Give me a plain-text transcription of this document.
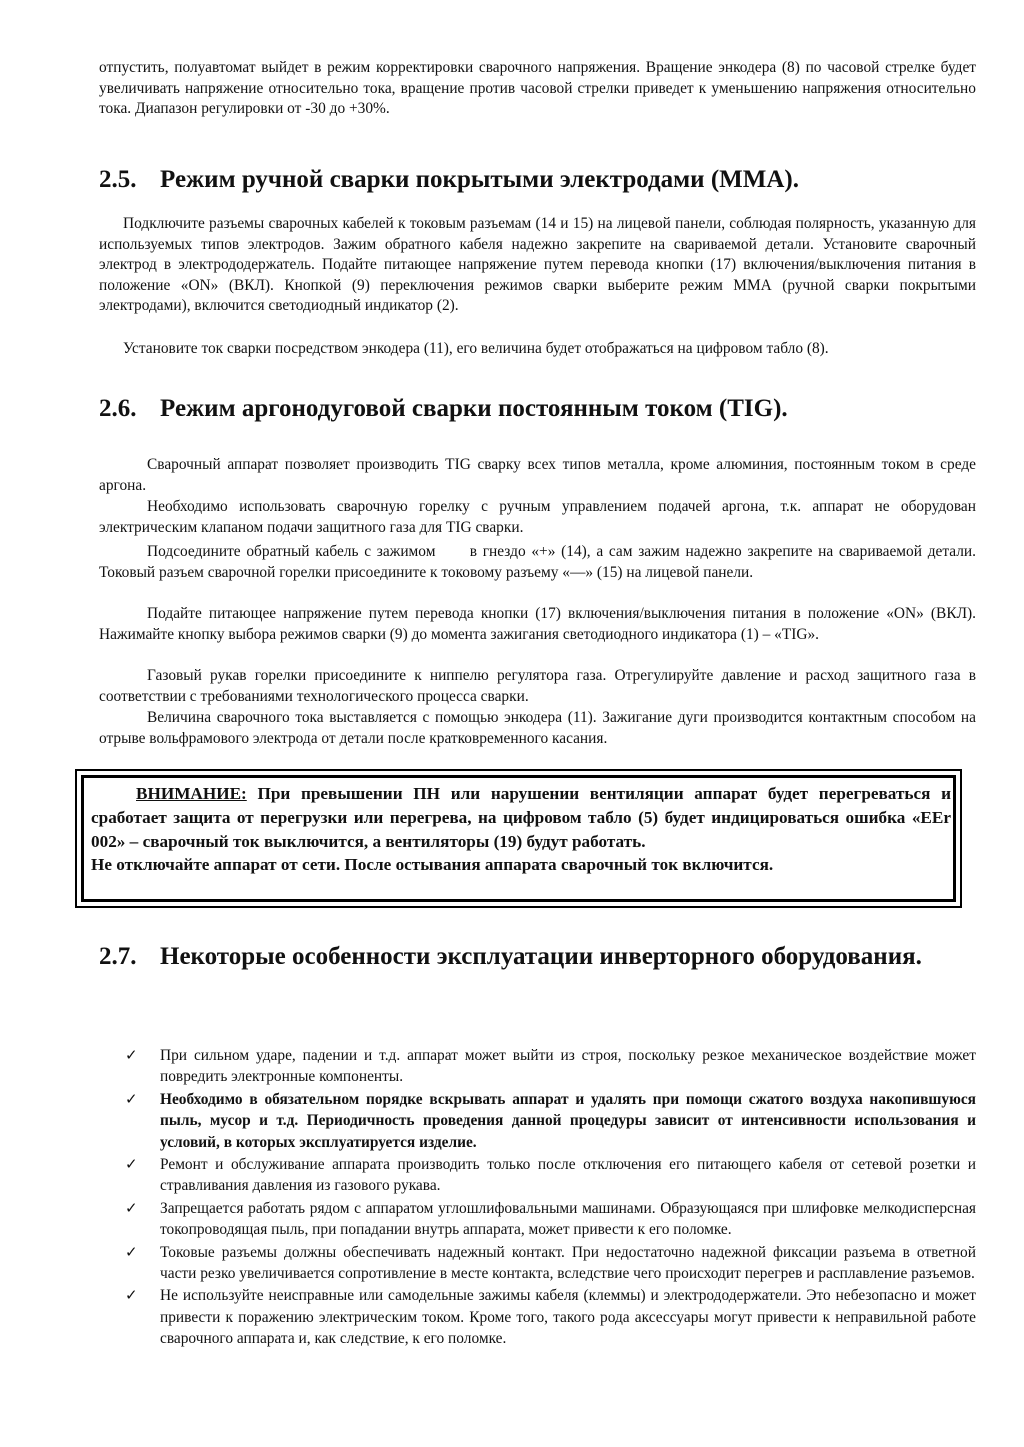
отпустить, полуавтомат выйдет в режим корректировки сварочного напряжения. Вращение энкодера (8) по часовой стрелке будет увеличивать напряжение относительно тока, вращение против часовой стрелки приведет к уменьшению напряжения относительно тока. Диапазон регулировки от -30 до +30%.

2.5. Режим ручной сварки покрытыми электродами (ММА).

Подключите разъемы сварочных кабелей к токовым разъемам (14 и 15) на лицевой панели, соблюдая полярность, указанную для используемых типов электродов. Зажим обратного кабеля надежно закрепите на свариваемой детали. Установите сварочный электрод в электрододержатель. Подайте питающее напряжение путем перевода кнопки (17) включения/выключения питания в положение «ON» (ВКЛ). Кнопкой (9) переключения режимов сварки выберите режим ММА (ручной сварки покрытыми электродами), включится светодиодный индикатор (2).

Установите ток сварки посредством энкодера (11), его величина будет отображаться на цифровом табло (8).

2.6. Режим аргонодуговой сварки постоянным током (TIG).

Сварочный аппарат позволяет производить TIG сварку всех типов металла, кроме алюминия, постоянным током в среде аргона.

Необходимо использовать сварочную горелку с ручным управлением подачей аргона, т.к. аппарат не оборудован электрическим клапаном подачи защитного газа для TIG сварки.

Подсоедините обратный кабель с зажимом      в гнездо «+» (14), а сам зажим надежно закрепите на свариваемой детали. Токовый разъем сварочной горелки присоедините к токовому разъему «—» (15) на лицевой панели.

Подайте питающее напряжение путем перевода кнопки (17) включения/выключения питания в положение «ON» (ВКЛ). Нажимайте кнопку выбора режимов сварки (9) до момента зажигания светодиодного индикатора (1) – «TIG».

Газовый рукав горелки присоедините к ниппелю регулятора газа. Отрегулируйте давление и расход защитного газа в соответствии с требованиями технологического процесса сварки.

Величина сварочного тока выставляется с помощью энкодера (11). Зажигание дуги производится контактным способом на отрыве вольфрамового электрода от детали после кратковременного касания.

ВНИМАНИЕ: При превышении ПН или нарушении вентиляции аппарат будет перегреваться и сработает защита от перегрузки или перегрева, на цифровом табло (5) будет индицироваться ошибка «EEr 002» – сварочный ток выключится, а вентиляторы (19) будут работать.
Не отключайте аппарат от сети. После остывания аппарата сварочный ток включится.

2.7. Некоторые особенности эксплуатации инверторного оборудования.
✓ При сильном ударе, падении и т.д. аппарат может выйти из строя, поскольку резкое механическое воздействие может повредить электронные компоненты.
✓ Необходимо в обязательном порядке вскрывать аппарат и удалять при помощи сжатого воздуха накопившуюся пыль, мусор и т.д. Периодичность проведения данной процедуры зависит от интенсивности использования и условий, в которых эксплуатируется изделие.
✓ Ремонт и обслуживание аппарата производить только после отключения его питающего кабеля от сетевой розетки и стравливания давления из газового рукава.
✓ Запрещается работать рядом с аппаратом углошлифовальными машинами. Образующаяся при шлифовке мелкодисперсная токопроводящая пыль, при попадании внутрь аппарата, может привести к его поломке.
✓ Токовые разъемы должны обеспечивать надежный контакт. При недостаточно надежной фиксации разъема в ответной части резко увеличивается сопротивление в месте контакта, вследствие чего происходит перегрев и расплавление разъемов.
✓ Не используйте неисправные или самодельные зажимы кабеля (клеммы) и электрододержатели. Это небезопасно и может привести к поражению электрическим током. Кроме того, такого рода аксессуары могут привести к неправильной работе сварочного аппарата и, как следствие, к его поломке.
